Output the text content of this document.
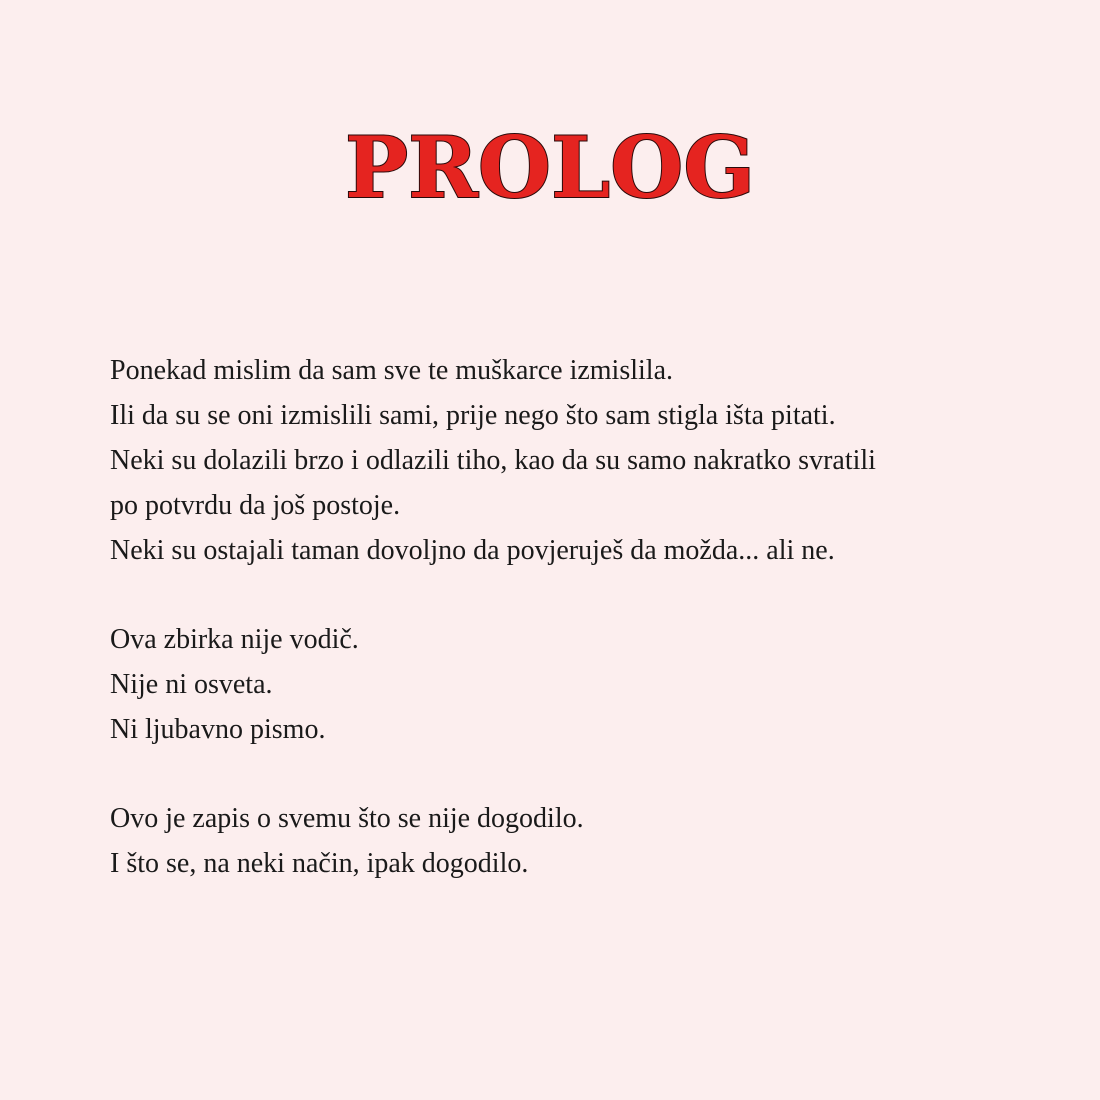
PROLOG
Ponekad mislim da sam sve te muškarce izmislila.
Ili da su se oni izmislili sami, prije nego što sam stigla išta pitati.
Neki su dolazili brzo i odlazili tiho, kao da su samo nakratko svratili
po potvrdu da još postoje.
Neki su ostajali taman dovoljno da povjeruješ da možda... ali ne.
Ova zbirka nije vodič.
Nije ni osveta.
Ni ljubavno pismo.
Ovo je zapis o svemu što se nije dogodilo.
I što se, na neki način, ipak dogodilo.
